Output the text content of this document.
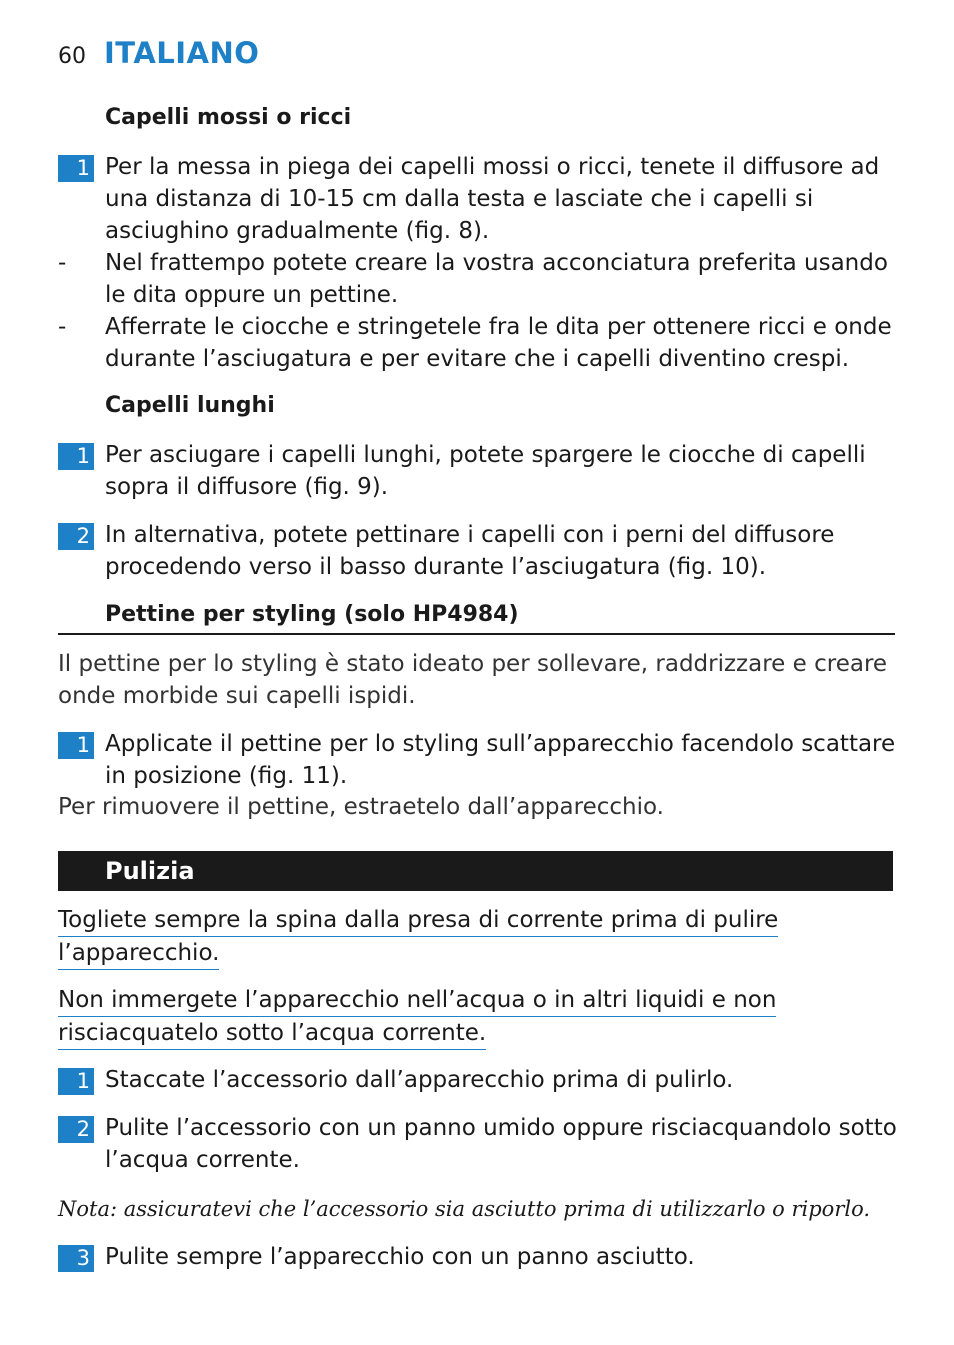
60 ITALIANO
Capelli mossi o ricci
1 Per la messa in piega dei capelli mossi o ricci, tenete il diffusore ad una distanza di 10-15 cm dalla testa e lasciate che i capelli si asciughino gradualmente (fig. 8).
- Nel frattempo potete creare la vostra acconciatura preferita usando le dita oppure un pettine.
- Afferrate le ciocche e stringetele fra le dita per ottenere ricci e onde durante l’asciugatura e per evitare che i capelli diventino crespi.
Capelli lunghi
1 Per asciugare i capelli lunghi, potete spargere le ciocche di capelli sopra il diffusore (fig. 9).
2 In alternativa, potete pettinare i capelli con i perni del diffusore procedendo verso il basso durante l’asciugatura (fig. 10).
Pettine per styling (solo HP4984)
Il pettine per lo styling è stato ideato per sollevare, raddrizzare e creare onde morbide sui capelli ispidi.
1 Applicate il pettine per lo styling sull’apparecchio facendolo scattare in posizione (fig. 11).
Per rimuovere il pettine, estraetelo dall’apparecchio.
Pulizia
Togliete sempre la spina dalla presa di corrente prima di pulire
l’apparecchio.
Non immergete l’apparecchio nell’acqua o in altri liquidi e non
risciacquatelo sotto l’acqua corrente.
1 Staccate l’accessorio dall’apparecchio prima di pulirlo.
2 Pulite l’accessorio con un panno umido oppure risciacquandolo sotto l’acqua corrente.
Nota: assicuratevi che l’accessorio sia asciutto prima di utilizzarlo o riporlo.
3 Pulite sempre l’apparecchio con un panno asciutto.
